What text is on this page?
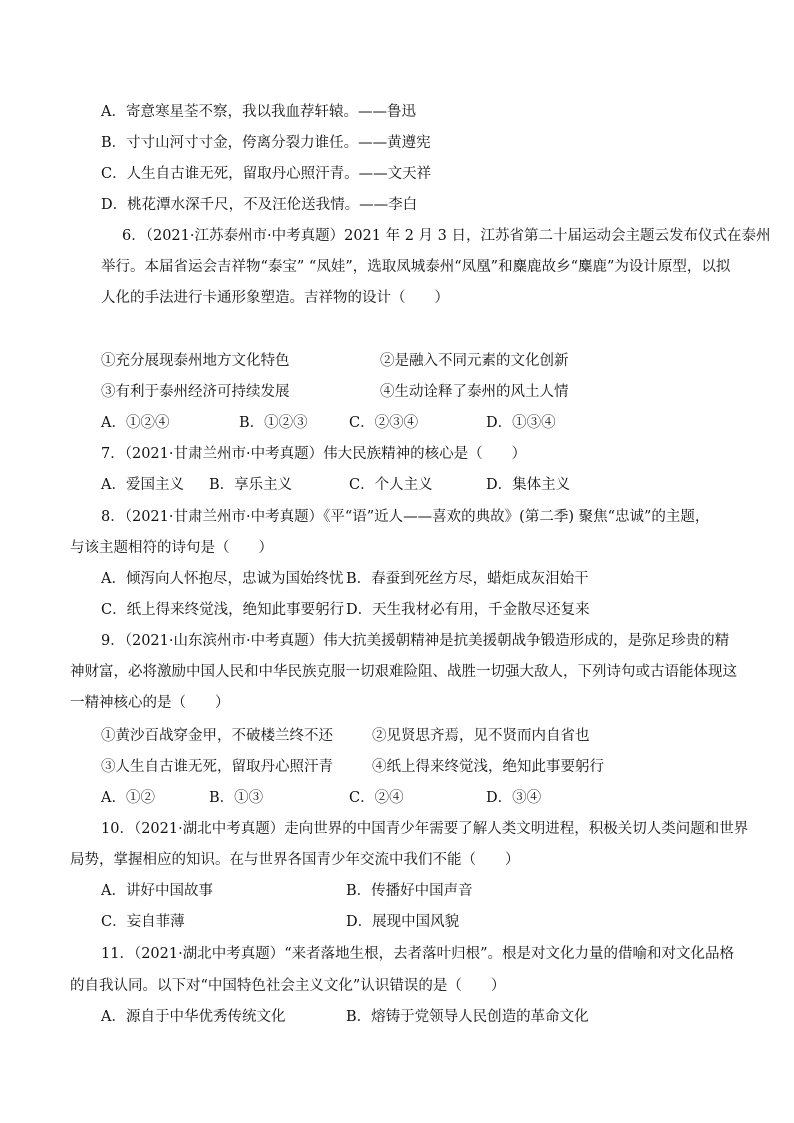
A．寄意寒星荃不察，我以我血荐轩辕。——鲁迅
B．寸寸山河寸寸金，侉离分裂力谁任。——黄遵宪
C．人生自古谁无死，留取丹心照汗青。——文天祥
D．桃花潭水深千尺，不及汪伦送我情。——李白
6．（2021·江苏泰州市·中考真题）2021 年 2 月 3 日，江苏省第二十届运动会主题云发布仪式在泰州
举行。本届省运会吉祥物“泰宝” “凤娃”，选取凤城泰州“凤凰”和麋鹿故乡“麋鹿”为设计原型，以拟
人化的手法进行卡通形象塑造。吉祥物的设计（　　）
①充分展现泰州地方文化特色	②是融入不同元素的文化创新
③有利于泰州经济可持续发展	④生动诠释了泰州的风土人情
A．①②④	B．①②③	C．②③④	D．①③④
7．（2021·甘肃兰州市·中考真题）伟大民族精神的核心是（　　）
A．爱国主义 B．享乐主义	C．个人主义	D．集体主义
8．（2021·甘肃兰州市·中考真题）《平“语”近人——喜欢的典故》(第二季) 聚焦“忠诚”的主题，
与该主题相符的诗句是（　　）
A．倾泻向人怀抱尽，忠诚为国始终忧 B．春蚕到死丝方尽，蜡炬成灰泪始干
C．纸上得来终觉浅，绝知此事要躬行 D．天生我材必有用，千金散尽还复来
9．（2021·山东滨州市·中考真题）伟大抗美援朝精神是抗美援朝战争锻造形成的，是弥足珍贵的精
神财富，必将激励中国人民和中华民族克服一切艰难险阻、战胜一切强大敌人，下列诗句或古语能体现这
一精神核心的是（　　）
①黄沙百战穿金甲，不破楼兰终不还	②见贤思齐焉，见不贤而内自省也
③人生自古谁无死，留取丹心照汗青	④纸上得来终觉浅，绝知此事要躬行
A．①②	B．①③	C．②④	D．③④
10．（2021·湖北中考真题）走向世界的中国青少年需要了解人类文明进程，积极关切人类问题和世界
局势，掌握相应的知识。在与世界各国青少年交流中我们不能（　　）
A．讲好中国故事	B．传播好中国声音
C．妄自菲薄	D．展现中国风貌
11．（2021·湖北中考真题）“来者落地生根，去者落叶归根”。根是对文化力量的借喻和对文化品格
的自我认同。以下对“中国特色社会主义文化”认识错误的是（　　）
A．源自于中华优秀传统文化	B．熔铸于党领导人民创造的革命文化
